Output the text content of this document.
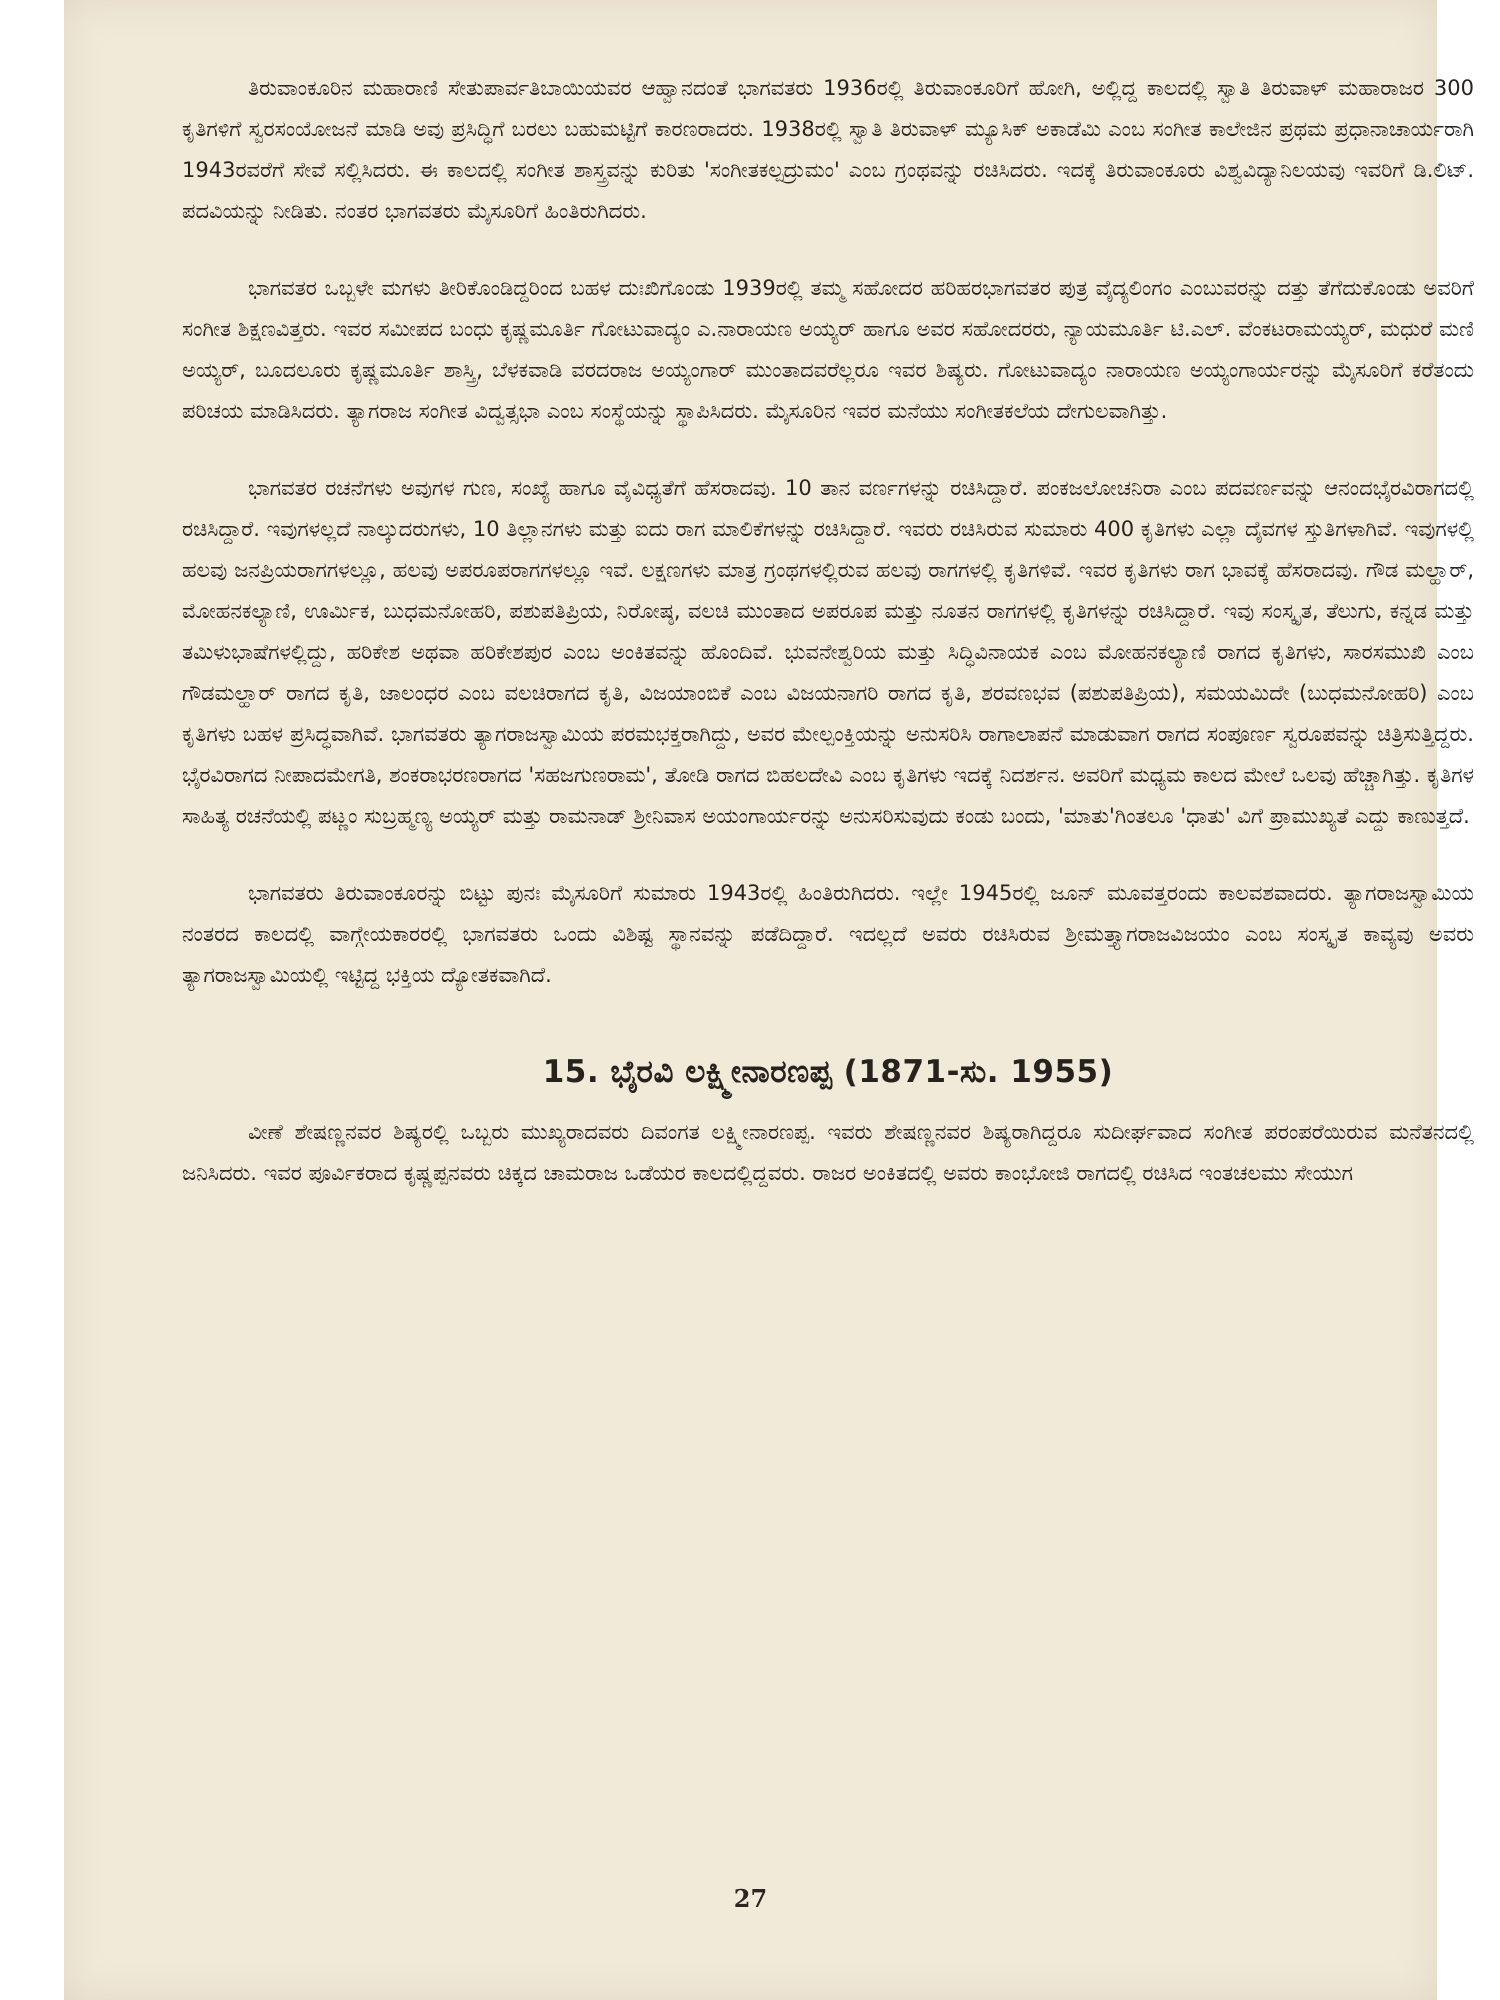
ತಿರುವಾಂಕೂರಿನ ಮಹಾರಾಣಿ ಸೇತುಪಾರ್ವತಿಬಾಯಿಯವರ ಆಹ್ವಾನದಂತೆ ಭಾಗವತರು 1936ರಲ್ಲಿ ತಿರುವಾಂಕೂರಿಗೆ ಹೋಗಿ, ಅಲ್ಲಿದ್ದ ಕಾಲದಲ್ಲಿ ಸ್ವಾತಿ ತಿರುವಾಳ್ ಮಹಾರಾಜರ 300 ಕೃತಿಗಳಿಗೆ ಸ್ವರಸಂಯೋಜನೆ ಮಾಡಿ ಅವು ಪ್ರಸಿದ್ಧಿಗೆ ಬರಲು ಬಹುಮಟ್ಟಿಗೆ ಕಾರಣರಾದರು. 1938ರಲ್ಲಿ ಸ್ವಾತಿ ತಿರುವಾಳ್ ಮ್ಯೂಸಿಕ್ ಅಕಾಡೆಮಿ ಎಂಬ ಸಂಗೀತ ಕಾಲೇಜಿನ ಪ್ರಥಮ ಪ್ರಧಾನಾಚಾರ್ಯರಾಗಿ 1943ರವರೆಗೆ ಸೇವೆ ಸಲ್ಲಿಸಿದರು. ಈ ಕಾಲದಲ್ಲಿ ಸಂಗೀತ ಶಾಸ್ತ್ರವನ್ನು ಕುರಿತು 'ಸಂಗೀತಕಲ್ಪದ್ರುಮಂ' ಎಂಬ ಗ್ರಂಥವನ್ನು ರಚಿಸಿದರು. ಇದಕ್ಕೆ ತಿರುವಾಂಕೂರು ವಿಶ್ವವಿದ್ಯಾನಿಲಯವು ಇವರಿಗೆ ಡಿ.ಲಿಟ್. ಪದವಿಯನ್ನು ನೀಡಿತು. ನಂತರ ಭಾಗವತರು ಮೈಸೂರಿಗೆ ಹಿಂತಿರುಗಿದರು.

ಭಾಗವತರ ಒಬ್ಬಳೇ ಮಗಳು ತೀರಿಕೊಂಡಿದ್ದರಿಂದ ಬಹಳ ದುಃಖಿಗೊಂಡು 1939ರಲ್ಲಿ ತಮ್ಮ ಸಹೋದರ ಹರಿಹರಭಾಗವತರ ಪುತ್ರ ವೈದ್ಯಲಿಂಗಂ ಎಂಬುವರನ್ನು ದತ್ತು ತೆಗೆದುಕೊಂಡು ಅವರಿಗೆ ಸಂಗೀತ ಶಿಕ್ಷಣವಿತ್ತರು. ಇವರ ಸಮೀಪದ ಬಂಧು ಕೃಷ್ಣಮೂರ್ತಿ ಗೋಟುವಾದ್ಯಂ ಎ.ನಾರಾಯಣ ಅಯ್ಯರ್ ಹಾಗೂ ಅವರ ಸಹೋದರರು, ನ್ಯಾಯಮೂರ್ತಿ ಟಿ.ಎಲ್. ವೆಂಕಟರಾಮಯ್ಯರ್, ಮಧುರೆ ಮಣಿ ಅಯ್ಯರ್, ಬೂದಲೂರು ಕೃಷ್ಣಮೂರ್ತಿ ಶಾಸ್ತ್ರಿ, ಬೆಳಕವಾಡಿ ವರದರಾಜ ಅಯ್ಯಂಗಾರ್ ಮುಂತಾದವರೆಲ್ಲರೂ ಇವರ ಶಿಷ್ಯರು. ಗೋಟುವಾದ್ಯಂ ನಾರಾಯಣ ಅಯ್ಯಂಗಾರ್ಯರನ್ನು ಮೈಸೂರಿಗೆ ಕರೆತಂದು ಪರಿಚಯ ಮಾಡಿಸಿದರು. ತ್ಯಾಗರಾಜ ಸಂಗೀತ ವಿದ್ವತ್ಸಭಾ ಎಂಬ ಸಂಸ್ಥೆಯನ್ನು ಸ್ಥಾಪಿಸಿದರು. ಮೈಸೂರಿನ ಇವರ ಮನೆಯು ಸಂಗೀತಕಲೆಯ ದೇಗುಲವಾಗಿತ್ತು.

ಭಾಗವತರ ರಚನೆಗಳು ಅವುಗಳ ಗುಣ, ಸಂಖ್ಯೆ ಹಾಗೂ ವೈವಿಧ್ಯತೆಗೆ ಹೆಸರಾದವು. 10 ತಾನ ವರ್ಣಗಳನ್ನು ರಚಿಸಿದ್ದಾರೆ. ಪಂಕಜಲೋಚನಿರಾ ಎಂಬ ಪದವರ್ಣವನ್ನು ಆನಂದಭೈರವಿರಾಗದಲ್ಲಿ ರಚಿಸಿದ್ದಾರೆ. ಇವುಗಳಲ್ಲದೆ ನಾಲ್ಕುದರುಗಳು, 10 ತಿಲ್ಲಾನಗಳು ಮತ್ತು ಐದು ರಾಗ ಮಾಲಿಕೆಗಳನ್ನು ರಚಿಸಿದ್ದಾರೆ. ಇವರು ರಚಿಸಿರುವ ಸುಮಾರು 400 ಕೃತಿಗಳು ಎಲ್ಲಾ ದೈವಗಳ ಸ್ತುತಿಗಳಾಗಿವೆ. ಇವುಗಳಲ್ಲಿ ಹಲವು ಜನಪ್ರಿಯರಾಗಗಳಲ್ಲೂ, ಹಲವು ಅಪರೂಪರಾಗಗಳಲ್ಲೂ ಇವೆ. ಲಕ್ಷಣಗಳು ಮಾತ್ರ ಗ್ರಂಥಗಳಲ್ಲಿರುವ ಹಲವು ರಾಗಗಳಲ್ಲಿ ಕೃತಿಗಳಿವೆ. ಇವರ ಕೃತಿಗಳು ರಾಗ ಭಾವಕ್ಕೆ ಹೆಸರಾದವು. ಗೌಡ ಮಲ್ಹಾರ್, ಮೋಹನಕಲ್ಯಾಣಿ, ಊರ್ಮಿಕ, ಬುಧಮನೋಹರಿ, ಪಶುಪತಿಪ್ರಿಯ, ನಿರೋಷ್ಠ, ವಲಚಿ ಮುಂತಾದ ಅಪರೂಪ ಮತ್ತು ನೂತನ ರಾಗಗಳಲ್ಲಿ ಕೃತಿಗಳನ್ನು ರಚಿಸಿದ್ದಾರೆ. ಇವು ಸಂಸ್ಕೃತ, ತೆಲುಗು, ಕನ್ನಡ ಮತ್ತು ತಮಿಳುಭಾಷೆಗಳಲ್ಲಿದ್ದು, ಹರಿಕೇಶ ಅಥವಾ ಹರಿಕೇಶಪುರ ಎಂಬ ಅಂಕಿತವನ್ನು ಹೊಂದಿವೆ. ಭುವನೇಶ್ವರಿಯ ಮತ್ತು ಸಿದ್ಧಿವಿನಾಯಕ ಎಂಬ ಮೋಹನಕಲ್ಯಾಣಿ ರಾಗದ ಕೃತಿಗಳು, ಸಾರಸಮುಖಿ ಎಂಬ ಗೌಡಮಲ್ಹಾರ್ ರಾಗದ ಕೃತಿ, ಜಾಲಂಧರ ಎಂಬ ವಲಚಿರಾಗದ ಕೃತಿ, ವಿಜಯಾಂಬಿಕೆ ಎಂಬ ವಿಜಯನಾಗರಿ ರಾಗದ ಕೃತಿ, ಶರವಣಭವ (ಪಶುಪತಿಪ್ರಿಯ), ಸಮಯಮಿದೇ (ಬುಧಮನೋಹರಿ) ಎಂಬ ಕೃತಿಗಳು ಬಹಳ ಪ್ರಸಿದ್ಧವಾಗಿವೆ. ಭಾಗವತರು ತ್ಯಾಗರಾಜಸ್ವಾಮಿಯ ಪರಮಭಕ್ತರಾಗಿದ್ದು, ಅವರ ಮೇಲ್ಪಂಕ್ತಿಯನ್ನು ಅನುಸರಿಸಿ ರಾಗಾಲಾಪನೆ ಮಾಡುವಾಗ ರಾಗದ ಸಂಪೂರ್ಣ ಸ್ವರೂಪವನ್ನು ಚಿತ್ರಿಸುತ್ತಿದ್ದರು. ಭೈರವಿರಾಗದ ನೀಪಾದಮೇಗತಿ, ಶಂಕರಾಭರಣರಾಗದ 'ಸಹಜಗುಣರಾಮ', ತೋಡಿ ರಾಗದ ಬಿಹಲದೇವಿ ಎಂಬ ಕೃತಿಗಳು ಇದಕ್ಕೆ ನಿದರ್ಶನ. ಅವರಿಗೆ ಮಧ್ಯಮ ಕಾಲದ ಮೇಲೆ ಒಲವು ಹೆಚ್ಚಾಗಿತ್ತು. ಕೃತಿಗಳ ಸಾಹಿತ್ಯ ರಚನೆಯಲ್ಲಿ ಪಟ್ಣಂ ಸುಬ್ರಹ್ಮಣ್ಯ ಅಯ್ಯರ್ ಮತ್ತು ರಾಮನಾಡ್ ಶ್ರೀನಿವಾಸ ಅಯಂಗಾರ್ಯರನ್ನು ಅನುಸರಿಸುವುದು ಕಂಡು ಬಂದು, 'ಮಾತು'ಗಿಂತಲೂ 'ಧಾತು' ವಿಗೆ ಪ್ರಾಮುಖ್ಯತೆ ಎದ್ದು ಕಾಣುತ್ತದೆ.

ಭಾಗವತರು ತಿರುವಾಂಕೂರನ್ನು ಬಿಟ್ಟು ಪುನಃ ಮೈಸೂರಿಗೆ ಸುಮಾರು 1943ರಲ್ಲಿ ಹಿಂತಿರುಗಿದರು. ಇಲ್ಲೇ 1945ರಲ್ಲಿ ಜೂನ್ ಮೂವತ್ತರಂದು ಕಾಲವಶವಾದರು. ತ್ಯಾಗರಾಜಸ್ವಾಮಿಯ ನಂತರದ ಕಾಲದಲ್ಲಿ ವಾಗ್ಗೇಯಕಾರರಲ್ಲಿ ಭಾಗವತರು ಒಂದು ವಿಶಿಷ್ಟ ಸ್ಥಾನವನ್ನು ಪಡೆದಿದ್ದಾರೆ. ಇದಲ್ಲದೆ ಅವರು ರಚಿಸಿರುವ ಶ್ರೀಮತ್ತ್ಯಾಗರಾಜವಿಜಯಂ ಎಂಬ ಸಂಸ್ಕೃತ ಕಾವ್ಯವು ಅವರು ತ್ಯಾಗರಾಜಸ್ವಾಮಿಯಲ್ಲಿ ಇಟ್ಟಿದ್ದ ಭಕ್ತಿಯ ದ್ಯೋತಕವಾಗಿದೆ.

15. ಭೈರವಿ ಲಕ್ಷ್ಮೀನಾರಣಪ್ಪ (1871-ಸು. 1955)

ವೀಣೆ ಶೇಷಣ್ಣನವರ ಶಿಷ್ಯರಲ್ಲಿ ಒಬ್ಬರು ಮುಖ್ಯರಾದವರು ದಿವಂಗತ ಲಕ್ಷ್ಮೀನಾರಣಪ್ಪ. ಇವರು ಶೇಷಣ್ಣನವರ ಶಿಷ್ಯರಾಗಿದ್ದರೂ ಸುದೀರ್ಘವಾದ ಸಂಗೀತ ಪರಂಪರೆಯಿರುವ ಮನೆತನದಲ್ಲಿ ಜನಿಸಿದರು. ಇವರ ಪೂರ್ವಿಕರಾದ ಕೃಷ್ಣಪ್ಪನವರು ಚಿಕ್ಕದ ಚಾಮರಾಜ ಒಡೆಯರ ಕಾಲದಲ್ಲಿದ್ದವರು. ರಾಜರ ಅಂಕಿತದಲ್ಲಿ ಅವರು ಕಾಂಭೋಜಿ ರಾಗದಲ್ಲಿ ರಚಿಸಿದ ಇಂತಚಲಮು ಸೇಯುಗ

27
